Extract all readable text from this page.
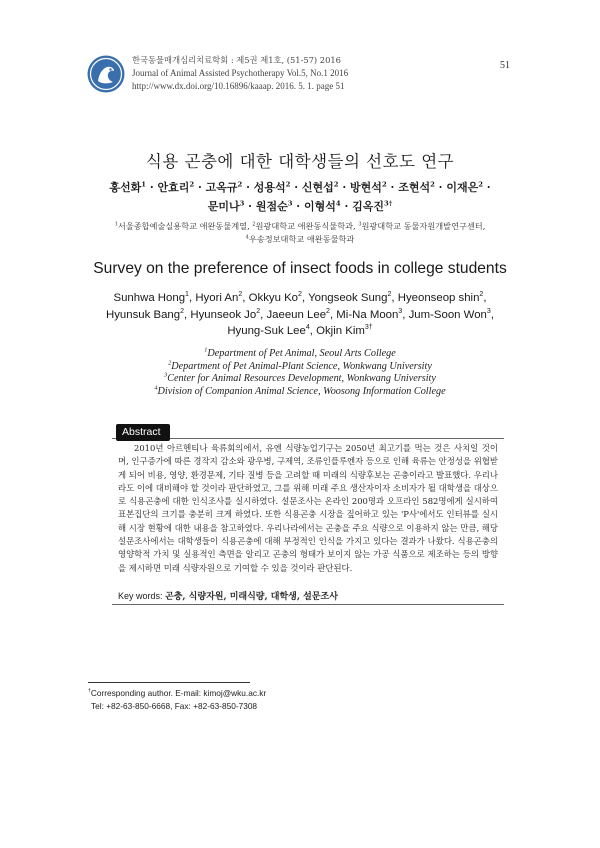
한국동물매개심리치료학회 : 제5권 제1호, (51-57) 2016
Journal of Animal Assisted Psychotherapy Vol.5, No.1 2016
http://www.dx.doi.org/10.16896/kaaap. 2016. 5. 1. page 51
51
식용 곤충에 대한 대학생들의 선호도 연구
홍선화$^1$ · 안효리$^2$ · 고옥규$^2$ · 성용석$^2$ · 신현섭$^2$ · 방현석$^2$ · 조현석$^2$ · 이재은$^2$ ·
문미나$^3$ · 원점순$^3$ · 이형석$^4$ · 김옥진$^{3\dagger}$
$^1$서울종합예술실용학교 애완동물계열, $^2$원광대학교 애완동식물학과, $^3$원광대학교 동물자원개발연구센터,
$^4$우송정보대학교 애완동물학과
Survey on the preference of insect foods in college students
Sunhwa Hong$^1$, Hyori An$^2$, Okkyu Ko$^2$, Yongseok Sung$^2$, Hyeonseop shin$^2$,
Hyunsuk Bang$^2$, Hyunseok Jo$^2$, Jaeeun Lee$^2$, Mi-Na Moon$^3$, Jum-Soon Won$^3$,
Hyung-Suk Lee$^4$, Okjin Kim$^{3\dagger}$
$^1$Department of Pet Animal, Seoul Arts College
$^2$Department of Pet Animal-Plant Science, Wonkwang University
$^3$Center for Animal Resources Development, Wonkwang University
$^4$Division of Companion Animal Science, Woosong Information College
Abstract
2010년 아르헨티나 육류회의에서, 유엔 식량농업기구는 2050년 최고기를 먹는 것은 사치일 것이며, 인구증가에 따른 경작지 감소와 광우병, 구제역, 조류인플루엔자 등으로 인해 육류는 안정성을 위협받게 되어 비용, 영양, 환경문제, 기타 질병 등을 고려할 때 미래의 식량후보는 곤충이라고 발표했다. 우리나라도 이에 대비해야 할 것이라 판단하였고, 그를 위해 미래 주요 생산자이자 소비자가 될 대학생을 대상으로 식용곤충에 대한 인식조사를 실시하였다. 설문조사는 온라인 200명과 오프라인 582명에게 실시하여 표본집단의 크기를 충분히 크게 하였다. 또한 식용곤충 시장을 짚어하고 있는 'P사'에서도 인터뷰를 실시해 시장 현황에 대한 내용을 참고하였다. 우리나라에서는 곤충을 주요 식량으로 이용하지 않는 만큼, 해당 설문조사에서는 대학생들이 식용곤충에 대해 부정적인 인식을 가지고 있다는 결과가 나왔다. 식용곤충의 영양학적 가치 및 실용적인 측면을 알리고 곤충의 형태가 보이지 않는 가공 식품으로 제조하는 등의 방향을 제시하면 미래 식량자원으로 기여할 수 있을 것이라 판단된다.
Key words: 곤충, 식량자원, 미래식량, 대학생, 설문조사
†Corresponding author. E-mail: kimoj@wku.ac.kr
Tel: +82-63-850-6668, Fax: +82-63-850-7308
